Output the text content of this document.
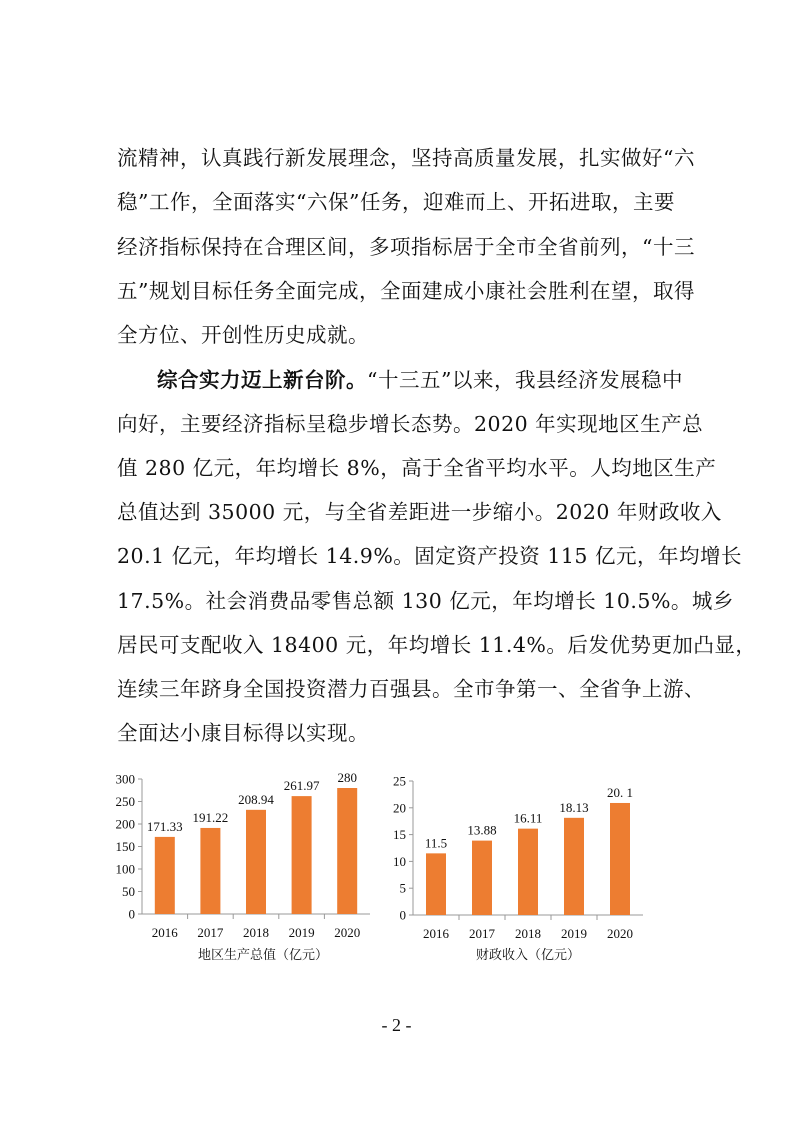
流精神，认真践行新发展理念，坚持高质量发展，扎实做好“六
稳”工作，全面落实“六保”任务，迎难而上、开拓进取，主要
经济指标保持在合理区间，多项指标居于全市全省前列，“十三
五”规划目标任务全面完成，全面建成小康社会胜利在望，取得
全方位、开创性历史成就。
综合实力迈上新台阶。“十三五”以来，我县经济发展稳中
向好，主要经济指标呈稳步增长态势。2020 年实现地区生产总
值 280 亿元，年均增长 8%，高于全省平均水平。人均地区生产
总值达到 35000 元，与全省差距进一步缩小。2020 年财政收入
20.1 亿元，年均增长 14.9%。固定资产投资 115 亿元，年均增长
17.5%。社会消费品零售总额 130 亿元，年均增长 10.5%。城乡
居民可支配收入 18400 元，年均增长 11.4%。后发优势更加凸显，
连续三年跻身全国投资潜力百强县。全市争第一、全省争上游、
全面达小康目标得以实现。
0
50
100
150
200
250
300
171.33
2016
191.22
2017
208.94
2018
261.97
2019
280
2020
地区生产总值（亿元）
0
5
10
15
20
25
11.5
2016
13.88
2017
16.11
2018
18.13
2019
20. 1
2020
财政收入（亿元）
- 2 -
